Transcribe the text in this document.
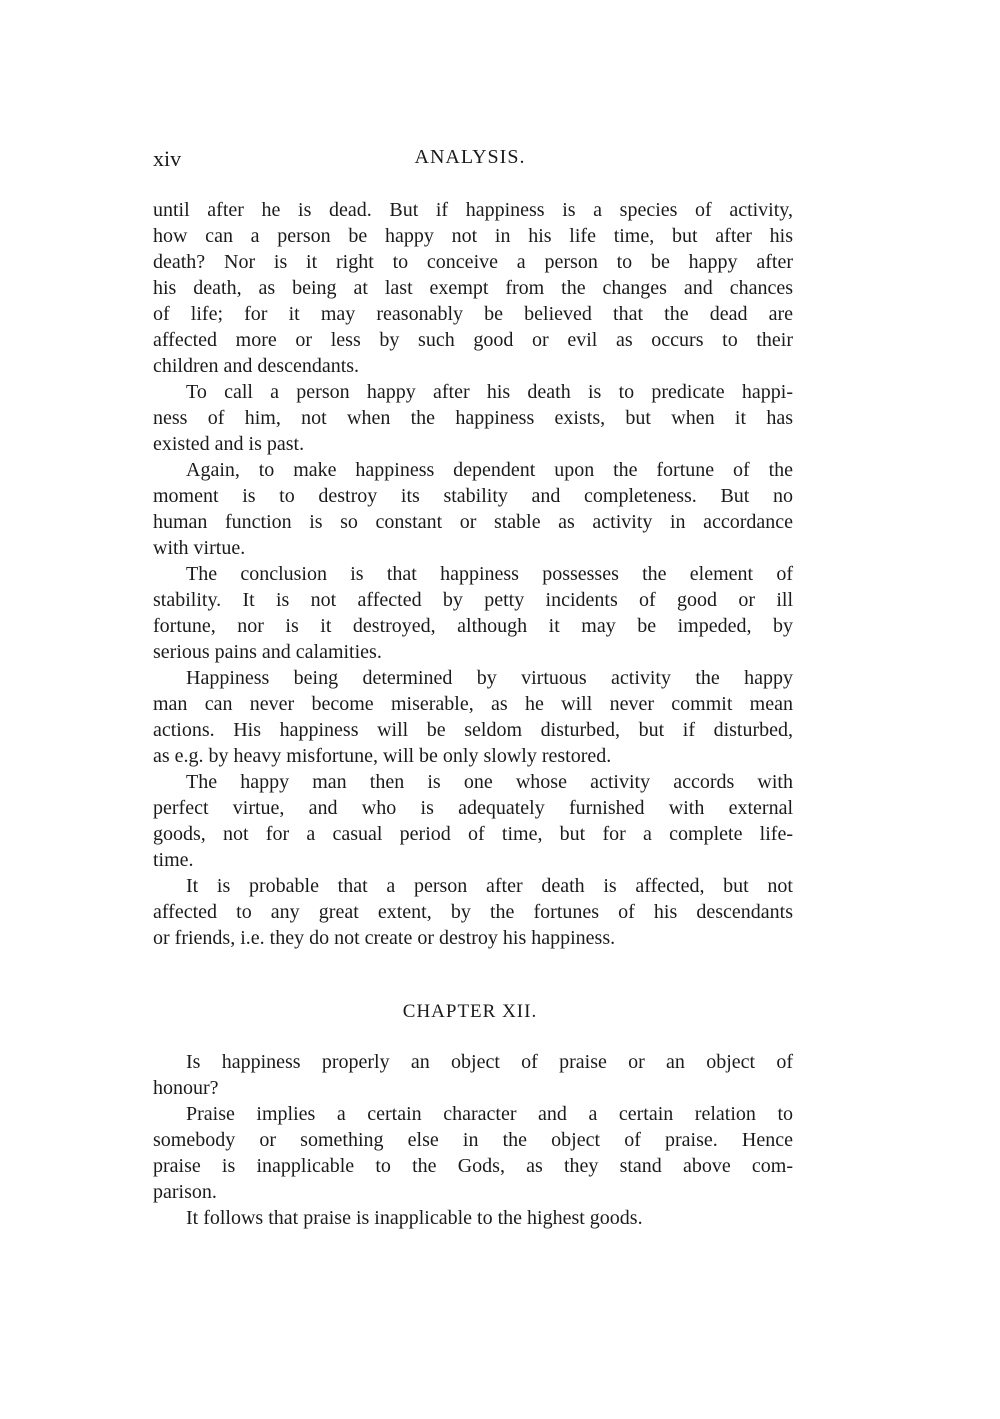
xiv	ANALYSIS.
until after he is dead. But if happiness is a species of activity,
how can a person be happy not in his life time, but after his
death? Nor is it right to conceive a person to be happy after
his death, as being at last exempt from the changes and chances
of life; for it may reasonably be believed that the dead are
affected more or less by such good or evil as occurs to their
children and descendants.
To call a person happy after his death is to predicate happi-
ness of him, not when the happiness exists, but when it has
existed and is past.
Again, to make happiness dependent upon the fortune of the
moment is to destroy its stability and completeness. But no
human function is so constant or stable as activity in accordance
with virtue.
The conclusion is that happiness possesses the element of
stability. It is not affected by petty incidents of good or ill
fortune, nor is it destroyed, although it may be impeded, by
serious pains and calamities.
Happiness being determined by virtuous activity the happy
man can never become miserable, as he will never commit mean
actions. His happiness will be seldom disturbed, but if disturbed,
as e.g. by heavy misfortune, will be only slowly restored.
The happy man then is one whose activity accords with
perfect virtue, and who is adequately furnished with external
goods, not for a casual period of time, but for a complete life-
time.
It is probable that a person after death is affected, but not
affected to any great extent, by the fortunes of his descendants
or friends, i.e. they do not create or destroy his happiness.
CHAPTER XII.
Is happiness properly an object of praise or an object of
honour?
Praise implies a certain character and a certain relation to
somebody or something else in the object of praise. Hence
praise is inapplicable to the Gods, as they stand above com-
parison.
It follows that praise is inapplicable to the highest goods.
